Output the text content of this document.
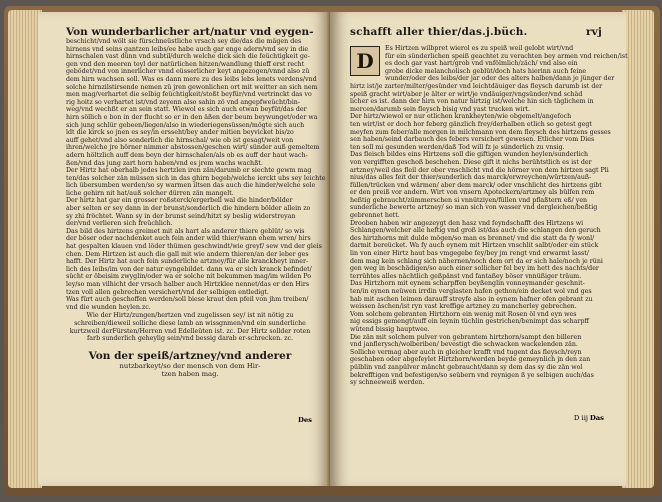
Von wunderbarlicher art/natur vnd eygen-
beschicht/vnd wölt sie fürschneüstliche vrsach sey die/das die mägen des
hirnens vnd seins gantzen leibs/ee habe auch gar enge adern/vnd sey in die
hirnschalen vast dünn vnd subtil/durch welche dick sich die feüchtigkeit ge-
gen vnd den meeren teyl der natürlichen hitzen/wandlung thieff erst recht
gebödet/vnd von innerlicher vnnd eüsserlicher keyt angezogen/vnnd also zü
dem hirn wachsen soll. Was es dann mere zu des leibs lebs lenets verdens/vnd
solche hirnzilstirsende nemen zü jren gewonlichen ort mit weitter an sich nem
men mag/verhartet die selbig feüchtigkeit/stoßt beyfür/vnd vertrinckt das vo
rig hoitz so verhartet ist/vnd zeyenn also sahin zö vnd angepfweücht/bin-
weg/vnd wechßt er an sein statt. Wiewol es sich auch etwan beyfüt/das der
hirn söllich e bon in der flucht so er in den äßen der beum beywunget/oder wa
sich jung schlür gebeen/liegen/also in wiederiegensüssen/mögte sich auch
ldt die kirck so jnen es sey/in ersseht/bey ander mitien beyvicket bis/zo
auff gehet/vnd also sonderlich die hirnschal/ wie ob ist gesagt/weit von
ihren/welche jre hörner nimmer abstossen/geschen wirt/ sünder auß gemeltem
adern höltzlich auff dem beyn der hirnschalen/als ob es auff der haut wach-
ßen/vnd das jung zart horn haben/vnd es jrem wachs wachßt.
Der Hirtz hat oberhalb jedes hertzlen iren zän/darumb er siechte gewm mag
ten/das solcher zän müssen sich in das ghirn begeb/welche ierckt ubs sey leichte
lich übersumben werden/so sy warmen iltsen das auch die hinder/welche sole
liche gehirn nit hat/auß solcher dürren zän mangelt.
Der hirtz hat gar ein grosser roßsterck/ergerbell wal die hinder/bölder
aber selten er sey dann in der brunst/sonderlich die hindern bölder allein zo
sy zhi fröchtet. Wann sy in der brunst seind/hitzt sy beslig widerstreyan
der/vnd verlieren sich freüchlich.
Das bild des hirtzens greimet mit als hart als anderer thiere geblüt/ so wis
der böser oder nachdenket auch fein ander wild thier/wann ehem wren/ hirs
hat gespalten klauen vnd löder thümen geschwindt/wie greyf/ sew vnd der gleis
chen. Dem Hirtzen ist auch die gall mit wie andern thieren/an der leber ges
hafft. Der Hirtz hat auch fein sunderliche artzney/für alle kranckheyt inner-
lich des leibs/im von der natur eyngebildet. dann wa er sich kranck befindet/
sücht er öbeisim zwyglin/oder wa er solche nit bekummen mag/im wilden Po
ley/so man vilhicht der vrsach halber auch Hirtzklee nennet/das er den Hirs
tzen voll allen gebrechen versichert/vnd der selbigen entledigt.
Was fürt auch geschoffen werden/soll biese kraut den pfeil von jhm treiben/
vnd die wunden heylen.zc.
Wie der Hirtz/zungen/hertzen vnd zugelissen sey/ ist nit nötig zu schreiben/dieweil solliche diese lamb an wissgnmen/vnd ein sunderliche kurtzweil derFürsten/Herren vnd Edelleüten ist. zc. Der Hirtz sollder roten farb sunderlich geheylig sein/vnd bessig darab er-schrecken. zc.
Von der speiß/artzney/vnd anderer
nutzbarkeyt/so der mensch von dem Hir-
tzen haben mag.
Des
schafft aller thier/das.j.büch.	rvj
D
Es Hirtzen wilbpret wierol es zu speiß weil gelobt wirt/vnd
für ein sünderlichen speiß geachtet zu verachten bey armen vnd reichen/ist
es doch gar vast hart/grob vnd vnfölmlich/zäch/ vnd also ein
grobe dicke melancholisch geblüt/doch hats hierinn auch feine
wunder/oder des leibs/der jar oder des alters halben/dann je jünger der
hirtz ist/je zarter/milter/gesünder vnd leichtdäuiger das fleysch darumb ist der
speiß gracht wirt/aber je älter er wirt/je vndäuiger/vngsünder/vnd schäd
licher es ist. dann der hirn von natur hirtzig ist/welche hin sich täglichem in
mercen/darumb sein fleysch bisig vnd yast trucken wirt.
Der hirtz/wiewol er nur etlichen krankheyten/wie obgemelt/angefoch
ten wirt/ist er doch hor feberg gänzlich frey/derhalben etlich so getest gegt
meyfen zum feber/alle morgen in milchmann von dem fleysch des hirtzens gesses
sen haben/seind darbauch des febers versichert gewesen. Etlicher vom Dies
ten soll mi gesunden werden/daß Tod will fz je sünderlich zu vnsig.
Das fleisch bildes eins Hirtzens soll die giftigen wunden heylen/sunderlich
von vergifften geschoß beschehen. Diese gift it nichs berühtstlich es ist der
artzney/weil das fleil der ober vnschlicht vnd die hörner von dem hirtzen sagt Pli
nius/das alles feit der thier/sunderlich das marck/erwreychen/würtzen/auß-
füllen/trücken vnd wärmen/ aber dem marck/ oder vnschlicht des hirtzens gibt
er den preiß vor andern. Wirt von vnsern Apoteckern/artzney als bülfen rem
heßtig gebraucht/zümmerschen si vnnütziyen/füllen vnd pflaßtern eß/ yen
sunderliche bewerte artzney/ so man sich von wasser vnd dergleichen/beßtig
gebrennet hett.
Drooben haben wir angezeygt den hasz vnd feyndschafft des Hirtzens wi
Schlangen/welcher alle heftig vnd groß ist/das auch die schlangen den geruch
des hirtzhorns mit dulde mögen/so man es brennet/ vnd die statt da fy wonl/
darmit bereücket. Wa fy auch eynem mit Hirtzen vnschlit salbt/oder ein stück
lin von einer Hirtz haut bas vmgegebe fey/bey jm rengt vnd erwarmt lasst/
dem mag kein schlang sich nähernen/noch dem ort da er sich hale/noch je rüni
gen weg in beschädigen/so auch einer sollicher fel bey im hett des nachts/der
terrühtes alles nächtlich geßpänst vnd fantaßey böser vnnüßiger träum.
Das Hirtzhorn mit eynem scharpffen beyßenglin vonneymander geschnit-
ten/in eynen neüwen irrdin verglasten hafen gethon/ein decket wol vnd ges
hab mit aschen leimen darauff streyfe also in eynem hafner ofen gebrant zu
weissen äschen/ist ryn vast kreffige artzney zu mancherley gebrechen.
Vom solchem gebranten Hirtzhorn ein wenig mit Rosen öl vnd eyn wes
nig essigs gemengt/auff ein leynin tüchlin gestrichen/benimpt das scharpff
wütend bissig hauptwee.
Die zän mit solchem pulver von gebrantem hirtzhorn/sampt den billeren
vnd janflerysch/wolberiben/ bevestigt die schwacken wackelenden zän.
Solliche vermag aber auch in gleicher krafft vnd tugent das fleysch/reyn
geschaben oder abgefeylet Hirtzhorn/werden beyde gemeynlich jn den zan
pülblin vnd zanpülver mäncht gebraucht/dann sy dem das sy die zän wol
bekrefftigen vnd befestigen/so seübern vnd reynigen ß ye selbigen auch/das
sy schneeweiß werden.
D iij Das
